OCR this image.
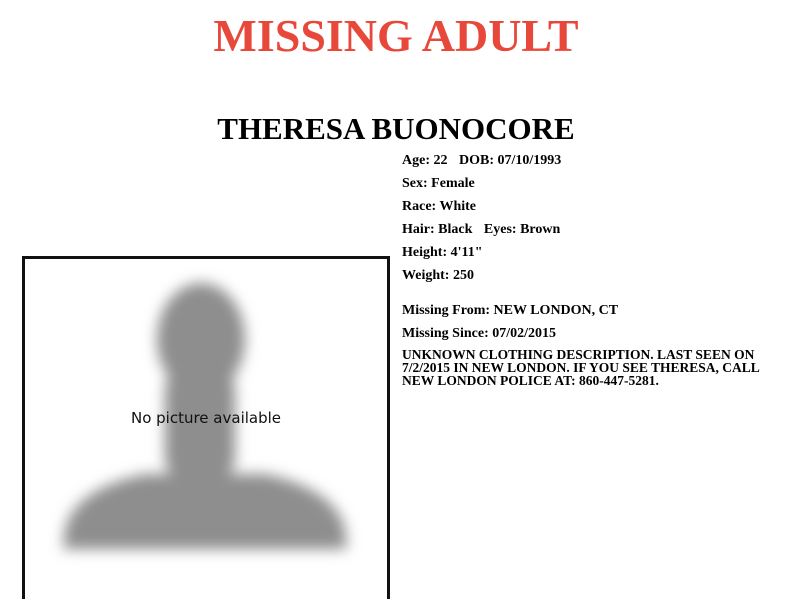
MISSING ADULT
THERESA BUONOCORE
Age: 22 DOB: 07/10/1993
Sex: Female
Race: White
Hair: Black Eyes: Brown
Height: 4'11"
Weight: 250
Missing From: NEW LONDON, CT
Missing Since: 07/02/2015
UNKNOWN CLOTHING DESCRIPTION. LAST SEEN ON 7/2/2015 IN NEW LONDON. IF YOU SEE THERESA, CALL NEW LONDON POLICE AT: 860-447-5281.
No picture available
